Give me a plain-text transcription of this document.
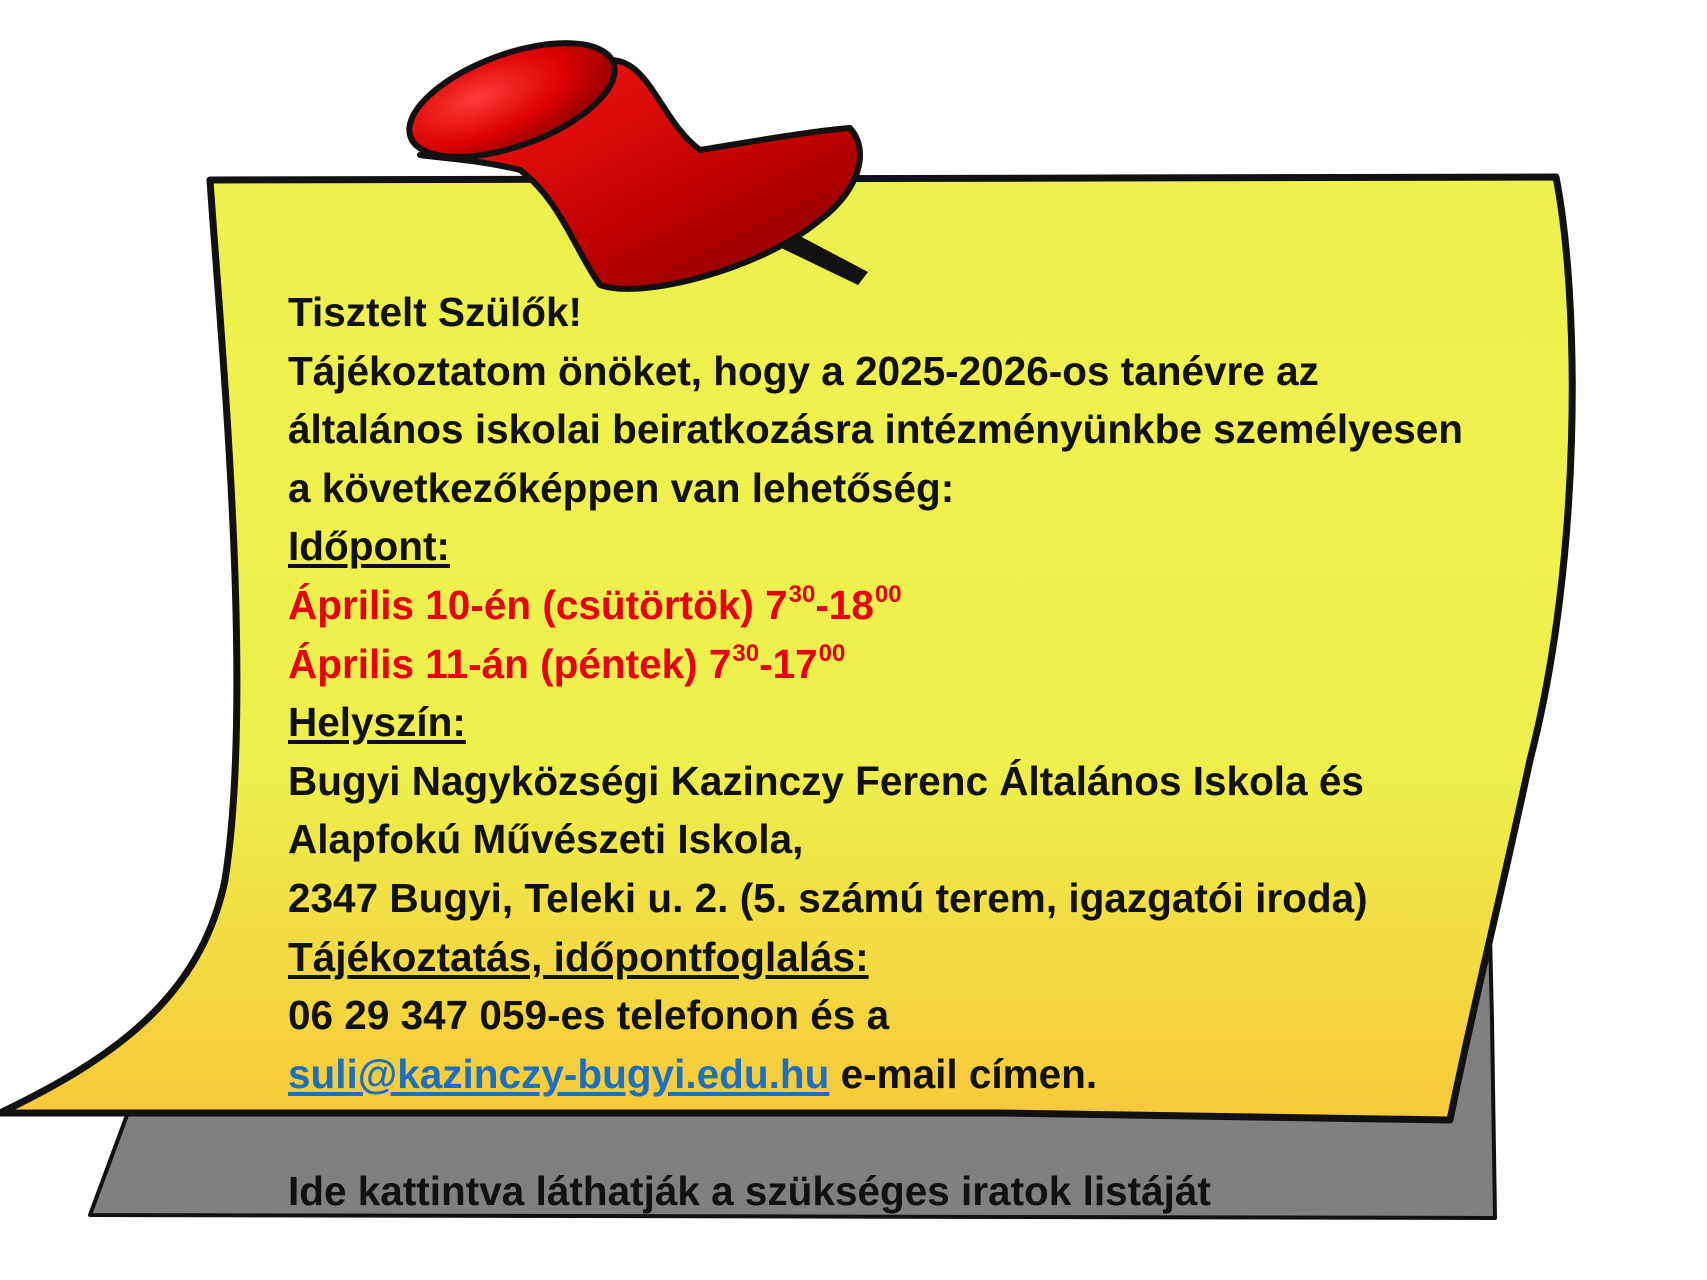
Tisztelt Szülők!
Tájékoztatom önöket, hogy a 2025-2026-os tanévre az
általános iskolai beiratkozásra intézményünkbe személyesen
a következőképpen van lehetőség:
Időpont:
Április 10-én (csütörtök) $7^{30}-18^{00}$
Április 11-án (péntek) $7^{30}-17^{00}$
Helyszín:
Bugyi Nagyközségi Kazinczy Ferenc Általános Iskola és
Alapfokú Művészeti Iskola,
2347 Bugyi, Teleki u. 2. (5. számú terem, igazgatói iroda)
Tájékoztatás, időpontfoglalás:
06 29 347 059-es telefonon és a
suli@kazinczy-bugyi.edu.hu e-mail címen.
Ide kattintva láthatják a szükséges iratok listáját
